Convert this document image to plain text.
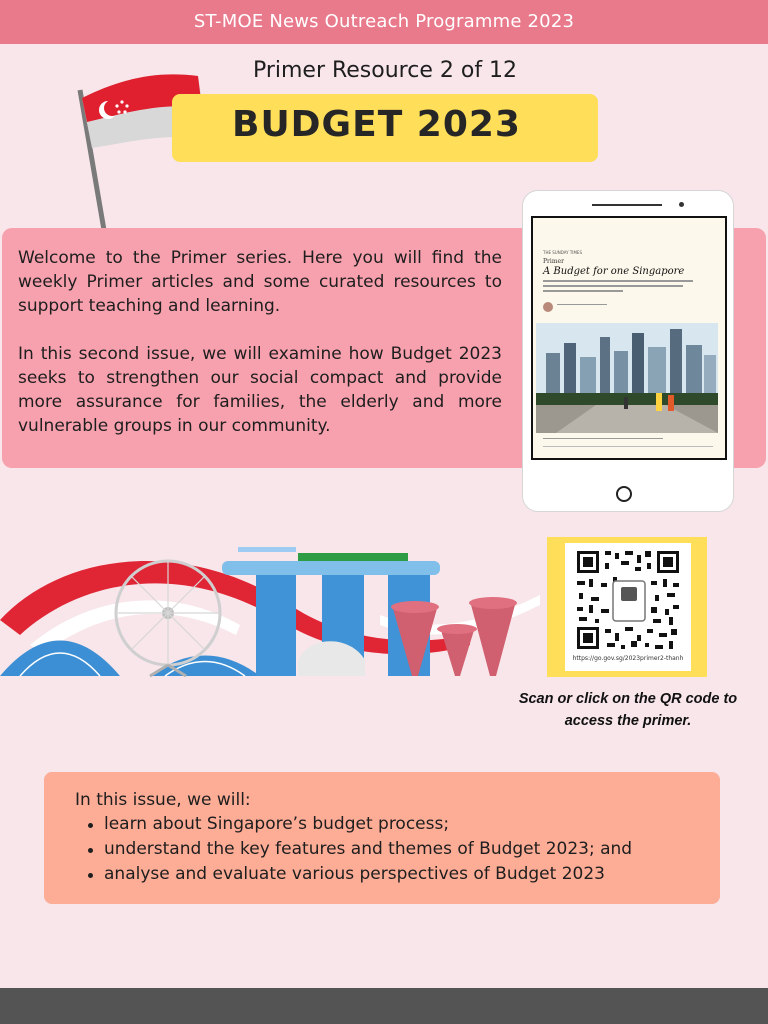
ST-MOE News Outreach Programme 2023
Primer Resource 2 of 12
BUDGET 2023

Welcome to the Primer series. Here you will find the weekly Primer articles and some curated resources to support teaching and learning.

In this second issue, we will examine how Budget 2023 seeks to strengthen our social compact and provide more assurance for families, the elderly and more vulnerable groups in our community.

THE SUNDAY TIMES
Primer
A Budget for one Singapore
https://go.gov.sg/2023primer2-thanh
Scan or click on the QR code to access the primer.
In this issue, we will:
learn about Singapore’s budget process;
understand the key features and themes of Budget 2023; and
analyse and evaluate various perspectives of Budget 2023
